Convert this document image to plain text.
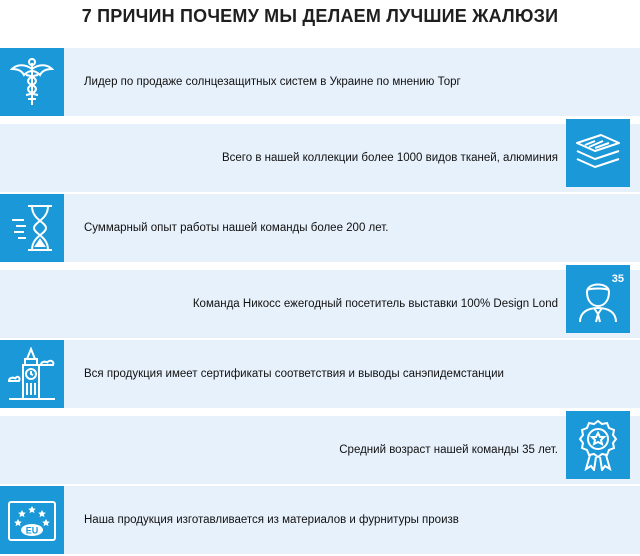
7 ПРИЧИН ПОЧЕМУ МЫ ДЕЛАЕМ ЛУЧШИЕ ЖАЛЮЗИ
Лидер по продаже солнцезащитных систем в Украине по мнению Торг
Всего в нашей коллекции более 1000 видов тканей, алюминия
Суммарный опыт работы нашей команды более 200 лет.
35
Команда Никосс ежегодный посетитель выставки 100% Design Lond
Вся продукция имеет сертификаты соответствия и выводы санэпидемстанции
Средний возраст нашей команды 35 лет.
EU
Наша продукция изготавливается из материалов и фурнитуры произв
